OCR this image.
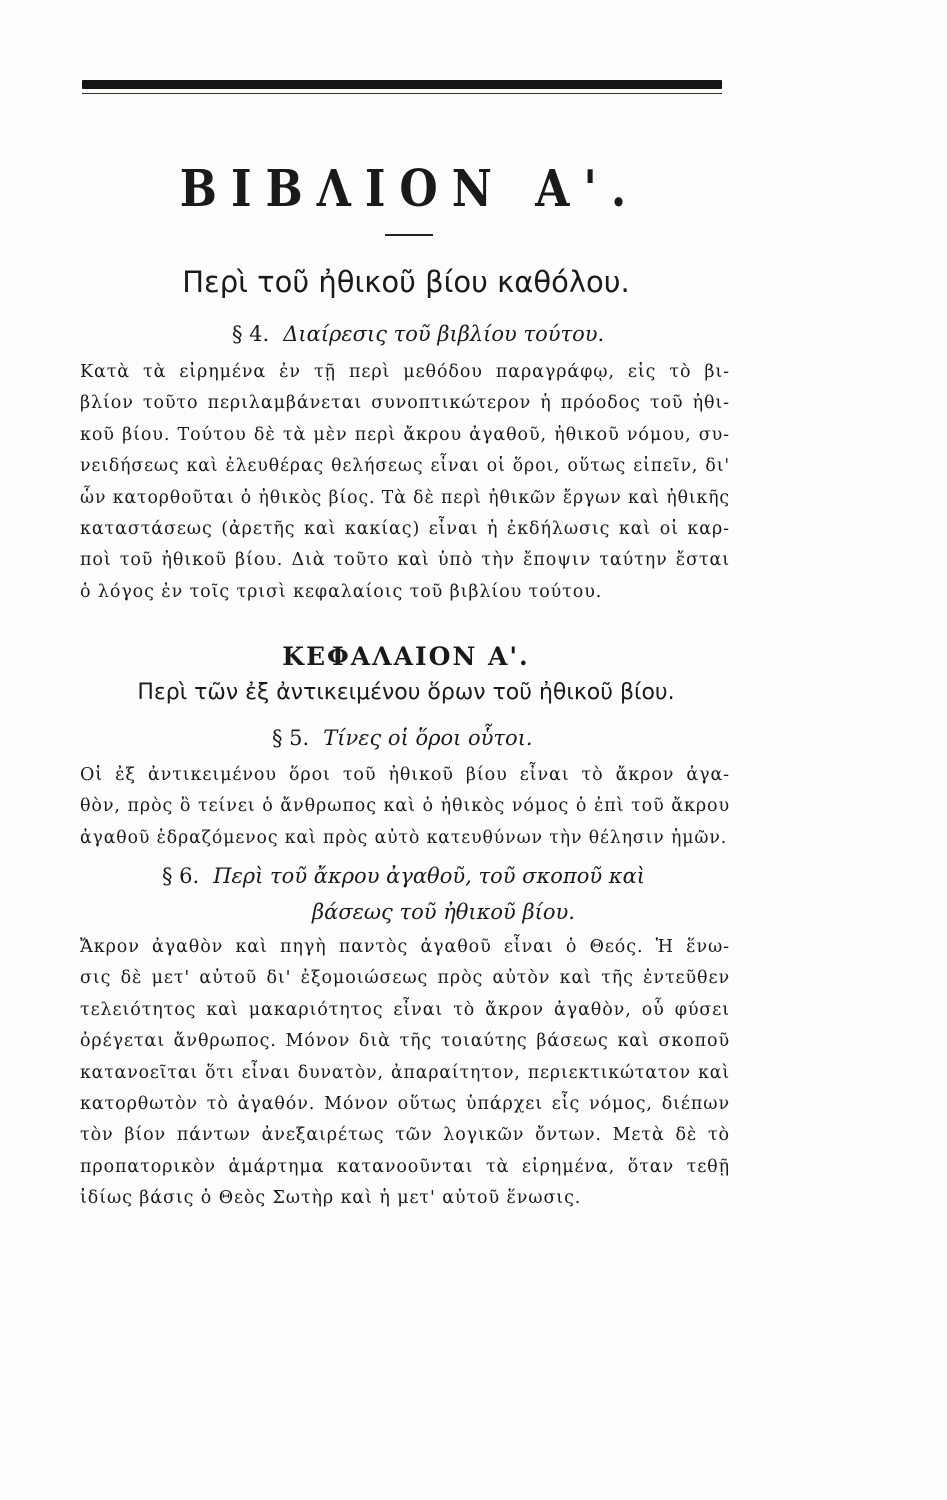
ΒΙΒΛΙΟΝ Α'.
Περὶ τοῦ ἠθικοῦ βίου καθόλου.
§ 4. Διαίρεσις τοῦ βιβλίου τούτου.
Κατὰ τὰ εἰρημένα ἐν τῇ περὶ μεθόδου παραγράφῳ, εἰς τὸ βι-
βλίον τοῦτο περιλαμβάνεται συνοπτικώτερον ἡ πρόοδος τοῦ ἠθι-
κοῦ βίου. Τούτου δὲ τὰ μὲν περὶ ἄκρου ἀγαθοῦ, ἠθικοῦ νόμου, συ-
νειδήσεως καὶ ἐλευθέρας θελήσεως εἶναι οἱ ὅροι, οὕτως εἰπεῖν, δι'
ὧν κατορθοῦται ὁ ἠθικὸς βίος. Τὰ δὲ περὶ ἠθικῶν ἔργων καὶ ἠθικῆς
καταστάσεως (ἀρετῆς καὶ κακίας) εἶναι ἡ ἐκδήλωσις καὶ οἱ καρ-
ποὶ τοῦ ἠθικοῦ βίου. Διὰ τοῦτο καὶ ὑπὸ τὴν ἔποψιν ταύτην ἔσται
ὁ λόγος ἐν τοῖς τρισὶ κεφαλαίοις τοῦ βιβλίου τούτου.
ΚΕΦΑΛΑΙΟΝ Α'.
Περὶ τῶν ἐξ ἀντικειμένου ὅρων τοῦ ἠθικοῦ βίου.
§ 5. Τίνες οἱ ὅροι οὗτοι.
Οἱ ἐξ ἀντικειμένου ὅροι τοῦ ἠθικοῦ βίου εἶναι τὸ ἄκρον ἀγα-
θὸν, πρὸς ὃ τείνει ὁ ἄνθρωπος καὶ ὁ ἠθικὸς νόμος ὁ ἐπὶ τοῦ ἄκρου
ἀγαθοῦ ἑδραζόμενος καὶ πρὸς αὐτὸ κατευθύνων τὴν θέλησιν ἡμῶν.
§ 6. Περὶ τοῦ ἄκρου ἀγαθοῦ, τοῦ σκοποῦ καὶ
βάσεως τοῦ ἠθικοῦ βίου.
Ἄκρον ἀγαθὸν καὶ πηγὴ παντὸς ἀγαθοῦ εἶναι ὁ Θεός. Ἡ ἕνω-
σις δὲ μετ' αὐτοῦ δι' ἐξομοιώσεως πρὸς αὐτὸν καὶ τῆς ἐντεῦθεν
τελειότητος καὶ μακαριότητος εἶναι τὸ ἄκρον ἀγαθὸν, οὗ φύσει
ὀρέγεται ἄνθρωπος. Μόνον διὰ τῆς τοιαύτης βάσεως καὶ σκοποῦ
κατανοεῖται ὅτι εἶναι δυνατὸν, ἀπαραίτητον, περιεκτικώτατον καὶ
κατορθωτὸν τὸ ἀγαθόν. Μόνον οὕτως ὑπάρχει εἷς νόμος, διέπων
τὸν βίον πάντων ἀνεξαιρέτως τῶν λογικῶν ὄντων. Μετὰ δὲ τὸ
προπατορικὸν ἁμάρτημα κατανοοῦνται τὰ εἰρημένα, ὅταν τεθῇ
ἰδίως βάσις ὁ Θεὸς Σωτὴρ καὶ ἡ μετ' αὐτοῦ ἕνωσις.
